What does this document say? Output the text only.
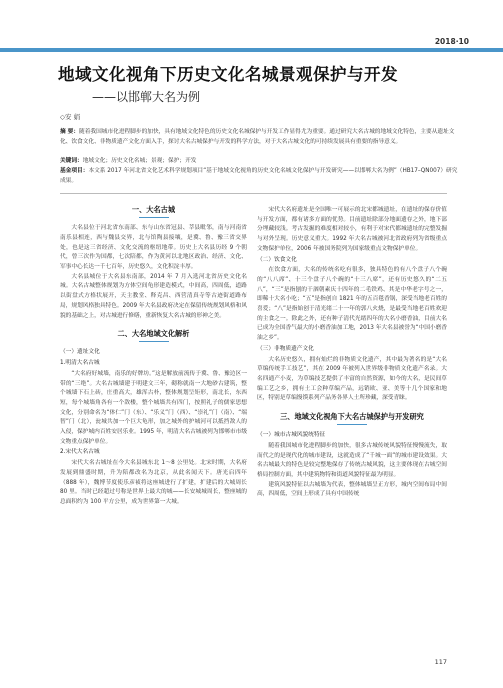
2018·10
地域文化视角下历史文化名城景观保护与开发
——以邯郸大名为例
◇安 娟
摘 要：随着我国城市化进程脚步的加快，具有地域文化特色的历史文化名城保护与开发工作显得尤为重要。通过研究大名古城的地域文化特色，主要从遗址文化、饮食文化、非物质遗产文化方面入手，探讨大名古城保护与开发的科学方法，对于大名古城文化的可持续发展具有重要的指导意义。
关键词：地域文化；历史文化名城；景观；保护；开发
基金项目：本文系 2017 年河北省文化艺术科学规划项目“基于地域文化视角的历史文化名城文化保护与开发研究——以邯郸大名为例”（HB17–QN007）研究成果。
一、大名古城

大名县位于河北省东南部、东与山东省冠县、莘县毗邻，南与河南省南乐县相连，西与魏县交界，北与馆陶县接壤，是冀、鲁、豫三省交界处，也是这三省经济、文化交流的枢纽地带。历史上大名县历经 9 个朝代，曾三次作为国都，七次陪都，作为黄河以北地区政治、经济、文化、军事中心长达一千七百年，历史悠久，文化积淀丰厚。

大名县城位于大名县东南部，2014 年 7 月入选河北省历史文化名城。大名古城整体规划为方体空间龟形建造模式，中间高，四周低，道路以街盘式方格状展开，天主教堂、释克昌、西营清真寺等古迹街道路布局，规划风格独具特色。2009 年大名县政府决定在保留传统规划风格和风貌的基础之上，对古城进行修缮，重新恢复大名古城的形神之美。

二、大名地域文化解析
（一）遗址文化
1.明清大名古城

“大名府好城墙，南乐的好牌坊。”这是解放前流传于冀、鲁、豫边区一带的“三绝”。大名古城墙建于明建文三年，砌称就南一大地砂古建筑，整个城墙下石上砖，庄重高大，雄浑古朴，整体规划呈矩形，南北长，东西短，每个城墙角各有一个敌楼，整个城墙共有四门，按照礼子的儒家思想文化，分别命名为“体仁”门（东）、“乐义”门（西）、“崇礼”门（南）、“端智”门（北），瓮城共加一个巨大龟形，加之城外的护城河可以抵挡敌人的入侵，保护城内百姓安居乐业。1995 年，明清大名古城被列为邯郸市市级文物重点保护单位。

2.宋代大名古城

宋代大名古城址在今大名县城东北 1～8 公里处。北宋时期，大名府发展到鼎盛时期，升为陪都改名为北京，从此名闻天下。唐光启四年（888 年），魏博节度使乐彦祯将这座城进行了扩建，扩建后的大城周长 80 里。当时已经超过号称是世界上最大的城——长安城城周长，整座城的总面积约为 100 平方公里，成为世界第一大城。

宋代大名府遗址是全国唯一可展示的北宋都城遗址，在遗址的保存价值与开发方面，都有诸多方面的优势。目前遗址除部分地面遗存之外，地下部分埋藏较浅。考古发掘的难度相对较小，有利于对宋代都城遗址的完整发掘与对外呈现。历史意义重大。1992 年大名古城被河北省政府列为省级重点文物保护单位，2006 年被国务院列为国家级重点文物保护单位。

（二）饮食文化

在饮食方面，大名的传统名吃有很多，独具特色的有八个盘子八个碗的“八八席”、十三个盘子八个碗的“十三八席”，还有历史悠久的“二五八”，“三”是指刨的干涸朝素庆十四年的二毛铁鸡、其是中华老字号之一，即稀十大名小吃；“五”是指创自 1821 年的五百毯香锅，深受当地老百姓的喜爱；“八”是指始创于清光绪二十一年的郭八火烧，是最受当地老百姓欢迎的主食之一。除此之外，还有种子清代光绪四年的大名小磨香油，目前大名已成为全国香气最大的小磨香油加工地，2013 年大名县被誉为“中国小磨香油之乡”。

（三）非物质遗产文化

大名历史悠久，拥有灿烂的非物质文化遗产，其中最为著名的是“大名草编传统手工技艺”，其在 2009 年被列入世界级非物质文化遗产名录。大名四通产小麦，为草编技艺提供了丰富的自然资源，如今的大名，是民间草编工艺之乡，拥有土工会种草编产品，远销欧、亚、美等十几个国家和地区，特别是草编馒馍系列产品务各界人士所珍藏，深受青睐。

三、地域文化视角下大名古城保护与开发研究
（一）城市古城风貌统特征

随着我国城市化进程脚步的加快，很多古城传统风貌特征慢慢流失，取而代之的是现代化的城市建设，这就造成了“千城一面”的城市建设效果。大名古城最大的特色是较完整地保存了传统古城风貌，这主要体现在古城空间格局控制方面，其中建筑物特和街道风貌特征最为明显。

建筑风貌特征以古城墙为代表，整体城墙呈正方形，城内空间布局中间高，四周低，空间上形成了具有中国传统

117
